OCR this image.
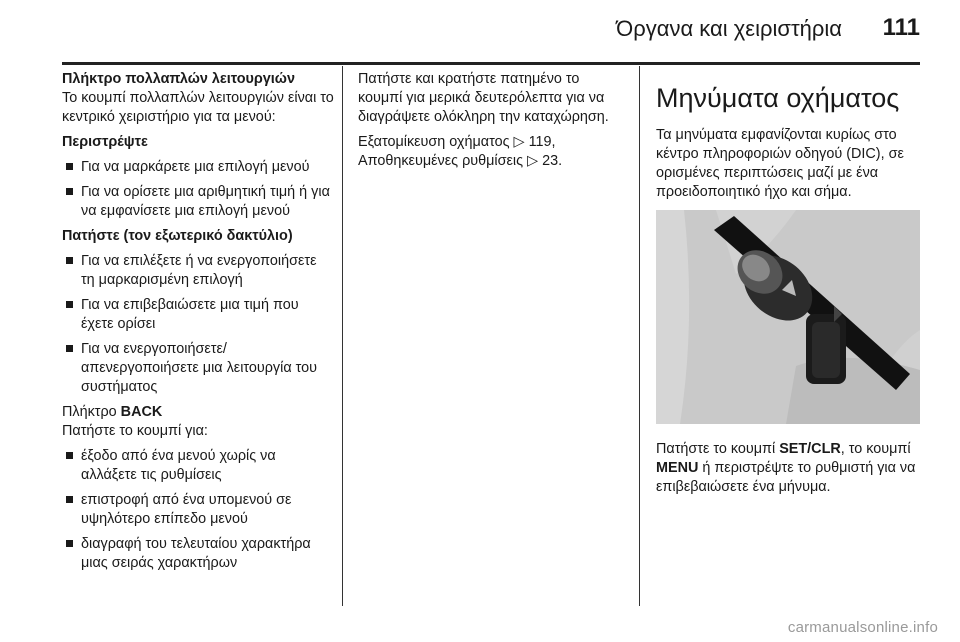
Όργανα και χειριστήρια 111

Πλήκτρο πολλαπλών λειτουργιών

Το κουμπί πολλαπλών λειτουργιών είναι το κεντρικό χειριστήριο για τα μενού:

Περιστρέψτε

Για να μαρκάρετε μια επιλογή μενού
Για να ορίσετε μια αριθμητική τιμή ή για να εμφανίσετε μια επιλογή μενού

Πατήστε (τον εξωτερικό δακτύλιο)

Για να επιλέξετε ή να ενεργοποιήσετε τη μαρκαρισμένη επιλογή
Για να επιβεβαιώσετε μια τιμή που έχετε ορίσει
Για να ενεργοποιήσετε/απενεργοποιήσετε μια λειτουργία του συστήματος

Πλήκτρο BACK

Πατήστε το κουμπί για:

έξοδο από ένα μενού χωρίς να αλλάξετε τις ρυθμίσεις
επιστροφή από ένα υπομενού σε υψηλότερο επίπεδο μενού
διαγραφή του τελευταίου χαρακτήρα μιας σειράς χαρακτήρων

Πατήστε και κρατήστε πατημένο το κουμπί για μερικά δευτερόλεπτα για να διαγράψετε ολόκληρη την καταχώρηση.

Εξατομίκευση οχήματος ▷ 119, Αποθηκευμένες ρυθμίσεις ▷ 23.

Μηνύματα οχήματος

Τα μηνύματα εμφανίζονται κυρίως στο κέντρο πληροφοριών οδηγού (DIC), σε ορισμένες περιπτώσεις μαζί με ένα προειδοποιητικό ήχο και σήμα.

Πατήστε το κουμπί SET/CLR, το κουμπί MENU ή περιστρέψτε το ρυθμιστή για να επιβεβαιώσετε ένα μήνυμα.

carmanualsonline.info
